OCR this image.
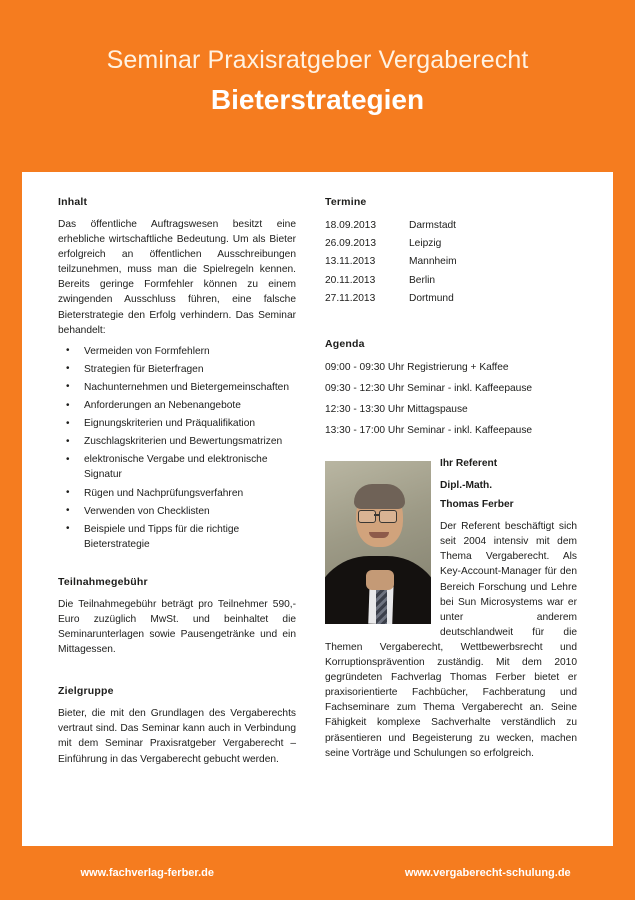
Seminar Praxisratgeber Vergaberecht
Bieterstrategien
Inhalt

Das öffentliche Auftragswesen besitzt eine erhebliche wirtschaftliche Bedeutung. Um als Bieter erfolgreich an öffentlichen Ausschreibungen teilzunehmen, muss man die Spielregeln kennen. Bereits geringe Formfehler können zu einem zwingenden Ausschluss führen, eine falsche Bieterstrategie den Erfolg verhindern. Das Seminar behandelt:

• Vermeiden von Formfehlern
• Strategien für Bieterfragen
• Nachunternehmen und Bietergemeinschaften
• Anforderungen an Nebenangebote
• Eignungskriterien und Präqualifikation
• Zuschlagskriterien und Bewertungsmatrizen
• elektronische Vergabe und elektronische Signatur
• Rügen und Nachprüfungsverfahren
• Verwenden von Checklisten
• Beispiele und Tipps für die richtige Bieterstrategie
Teilnahmegebühr

Die Teilnahmegebühr beträgt pro Teilnehmer 590,- Euro zuzüglich MwSt. und beinhaltet die Seminarunterlagen sowie Pausengetränke und ein Mittagessen.

Zielgruppe

Bieter, die mit den Grundlagen des Vergaberechts vertraut sind. Das Seminar kann auch in Verbindung mit dem Seminar Praxisratgeber Vergaberecht – Einführung in das Vergaberecht gebucht werden.

Termine
18.09.2013	Darmstadt
26.09.2013	Leipzig
13.11.2013	Mannheim
20.11.2013	Berlin
27.11.2013	Dortmund
Agenda
09:00 - 09:30 Uhr Registrierung + Kaffee
09:30 - 12:30 Uhr Seminar - inkl. Kaffeepause
12:30 - 13:30 Uhr Mittagspause
13:30 - 17:00 Uhr Seminar - inkl. Kaffeepause
Ihr Referent
Dipl.-Math.
Thomas Ferber

Der Referent beschäftigt sich seit 2004 intensiv mit dem Thema Vergaberecht. Als Key-Account-Manager für den Bereich Forschung und Lehre bei Sun Microsystems war er unter anderem deutschlandweit für die Themen Vergaberecht, Wettbewerbsrecht und Korruptionsprävention zuständig. Mit dem 2010 gegründeten Fachverlag Thomas Ferber bietet er praxisorientierte Fachbücher, Fachberatung und Fachseminare zum Thema Vergaberecht an. Seine Fähigkeit komplexe Sachverhalte verständlich zu präsentieren und Begeisterung zu wecken, machen seine Vorträge und Schulungen so erfolgreich.

www.fachverlag-ferber.de	www.vergaberecht-schulung.de
